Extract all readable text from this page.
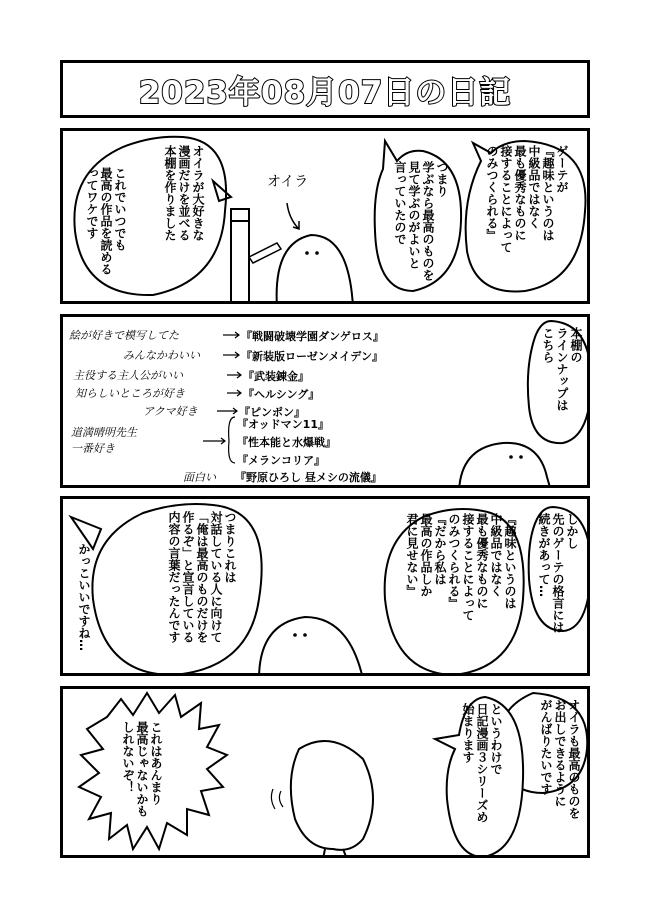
2023年08月07日の日記
ゲーテが
『趣味というのは
中級品ではなく
最も優秀なものに
接することによって
のみつくられる』
つまり
学ぶなら最高のものを
見て学ぶのがよいと
言っていたので
オイラ
オイラが大好きな
漫画だけを並べる
本棚を作りました
これでいつでも
最高の作品を読める
ってワケです
本棚の
ラインナップは
こちら
絵が好きで模写してた	『戦闘破壊学園ダンゲロス』
みんなかわいい	『新装版ローゼンメイデン』
主役する主人公がいい	『武装錬金』
知らしいところが好き	『ヘルシング』
アクマ好き	『ピンポン』
道満晴明先生
一番好き
『オッドマン11』
『性本能と水爆戦』
『メランコリア』
面白い 『野原ひろし 昼メシの流儀』
しかし
先のゲーテの格言には
続きがあって…
『趣味というのは
中級品ではなく
最も優秀なものに
接することによって
のみつくられる』
『だから私は
最高の作品しか
君に見せない』
つまりこれは
対話している人に向けて
「俺は最高のものだけを
作るぞ」と宣言している
内容の言葉だったんです
かっこいいですね…
オイラも最高のものを
お出しできるように
がんばりたいです
というわけで
日記漫画３シリーズめ
始まります
これはあんまり
最高じゃないかも
しれないぞ！
